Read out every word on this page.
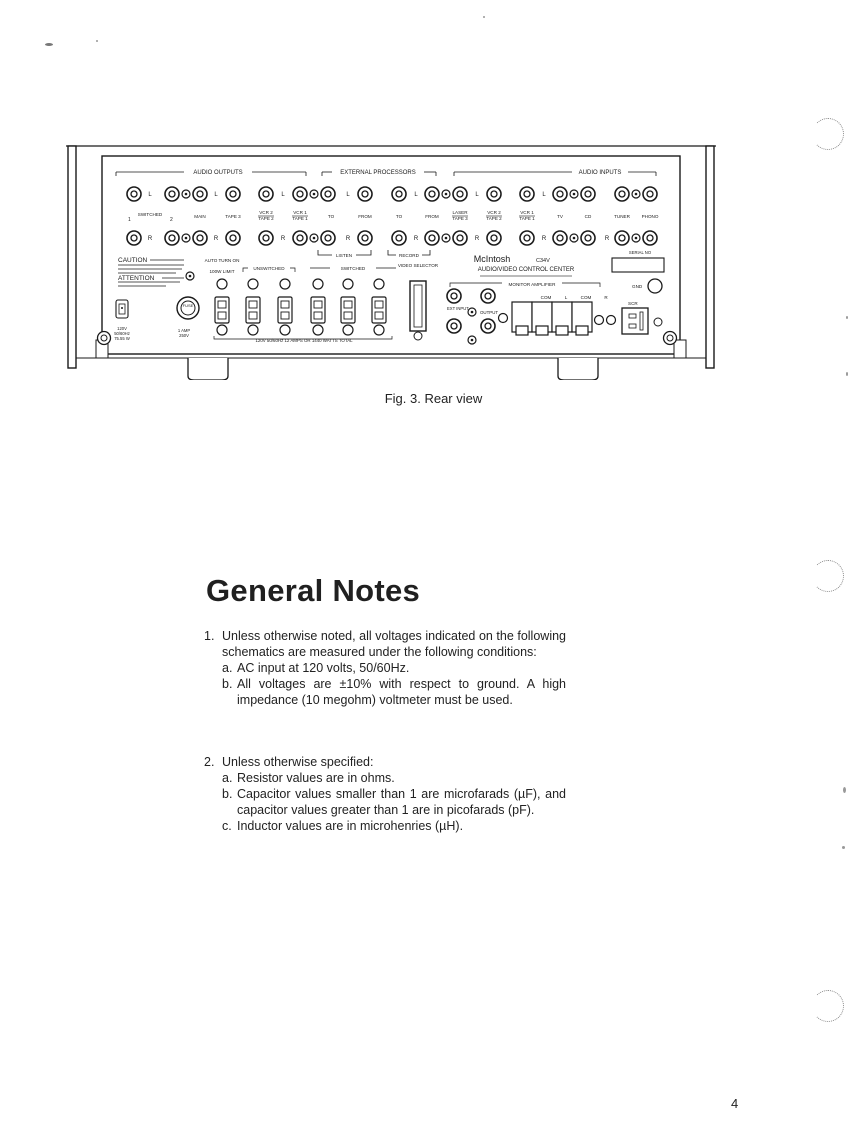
AUDIO OUTPUTS	EXTERNAL PROCESSORS	AUDIO INPUTS
L	L	L	L	L	L	L
SWITCHED	MAIN	TAPE 3
VCR 2
TAPE 2
VCR 1
TAPE 1	TO	FROM	TO	FROM
LASER
TAPE 3
VCR 2
TAPE 2
VCR 1
TAPE 1	TV	CD	TUNER	PHONO
1	2
R	R	R	R	R	R	R	R
LISTEN	RECORD
CAUTION
ATTENTION
FUSE
120V
50/60Hz
75.55 W
1 AMP
250V
AUTO TURN ON
100W LIMIT
UNSWITCHED	SWITCHED
120V 50/60Hz 12 AMPS OR 1440 WATTS TOTAL
VIDEO SELECTOR
McIntosh	C34V
AUDIO/VIDEO CONTROL CENTER
MONITOR AMPLIFIER
EXT INPUT
OUTPUT
COM	L	COM	R
SERIAL NO
GND
SCR
Fig. 3. Rear view
General Notes
1. Unless otherwise noted, all voltages indicated on the following schematics are measured under the following conditions:
a. AC input at 120 volts, 50/60Hz.
b. All voltages are ±10% with respect to ground. A high impedance (10 megohm) voltmeter must be used.
2. Unless otherwise specified:
a. Resistor values are in ohms.
b. Capacitor values smaller than 1 are microfarads (µF), and capacitor values greater than 1 are in picofarads (pF).
c. Inductor values are in microhenries (µH).
4
